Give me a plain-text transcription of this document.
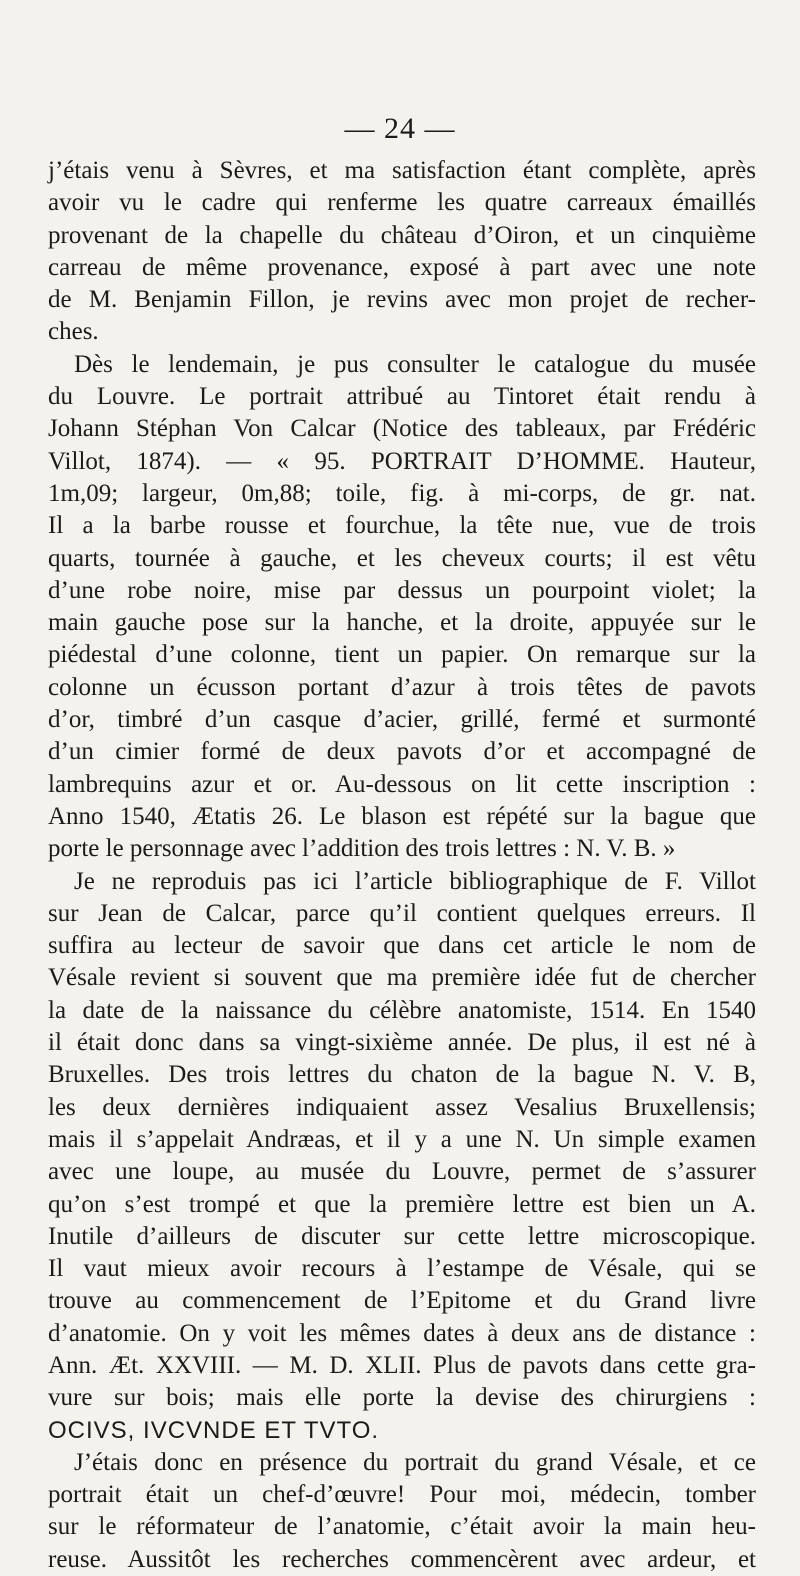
— 24 —
j’étais venu à Sèvres, et ma satisfaction étant complète, après
avoir vu le cadre qui renferme les quatre carreaux émaillés
provenant de la chapelle du château d’Oiron, et un cinquième
carreau de même provenance, exposé à part avec une note
de M. Benjamin Fillon, je revins avec mon projet de recher-
ches.
Dès le lendemain, je pus consulter le catalogue du musée
du Louvre. Le portrait attribué au Tintoret était rendu à
Johann Stéphan Von Calcar (Notice des tableaux, par Frédéric
Villot, 1874). — « 95. PORTRAIT D’HOMME. Hauteur,
1m,09; largeur, 0m,88; toile, fig. à mi-corps, de gr. nat.
Il a la barbe rousse et fourchue, la tête nue, vue de trois
quarts, tournée à gauche, et les cheveux courts; il est vêtu
d’une robe noire, mise par dessus un pourpoint violet; la
main gauche pose sur la hanche, et la droite, appuyée sur le
piédestal d’une colonne, tient un papier. On remarque sur la
colonne un écusson portant d’azur à trois têtes de pavots
d’or, timbré d’un casque d’acier, grillé, fermé et surmonté
d’un cimier formé de deux pavots d’or et accompagné de
lambrequins azur et or. Au-dessous on lit cette inscription :
Anno 1540, Ætatis 26. Le blason est répété sur la bague que
porte le personnage avec l’addition des trois lettres : N. V. B. »
Je ne reproduis pas ici l’article bibliographique de F. Villot
sur Jean de Calcar, parce qu’il contient quelques erreurs. Il
suffira au lecteur de savoir que dans cet article le nom de
Vésale revient si souvent que ma première idée fut de chercher
la date de la naissance du célèbre anatomiste, 1514. En 1540
il était donc dans sa vingt-sixième année. De plus, il est né à
Bruxelles. Des trois lettres du chaton de la bague N. V. B,
les deux dernières indiquaient assez Vesalius Bruxellensis;
mais il s’appelait Andræas, et il y a une N. Un simple examen
avec une loupe, au musée du Louvre, permet de s’assurer
qu’on s’est trompé et que la première lettre est bien un A.
Inutile d’ailleurs de discuter sur cette lettre microscopique.
Il vaut mieux avoir recours à l’estampe de Vésale, qui se
trouve au commencement de l’Epitome et du Grand livre
d’anatomie. On y voit les mêmes dates à deux ans de distance :
Ann. Æt. XXVIII. — M. D. XLII. Plus de pavots dans cette gra-
vure sur bois; mais elle porte la devise des chirurgiens :
OCIVS, IVCVNDE ET TVTO.
J’étais donc en présence du portrait du grand Vésale, et ce
portrait était un chef-d’œuvre! Pour moi, médecin, tomber
sur le réformateur de l’anatomie, c’était avoir la main heu-
reuse. Aussitôt les recherches commencèrent avec ardeur, et
